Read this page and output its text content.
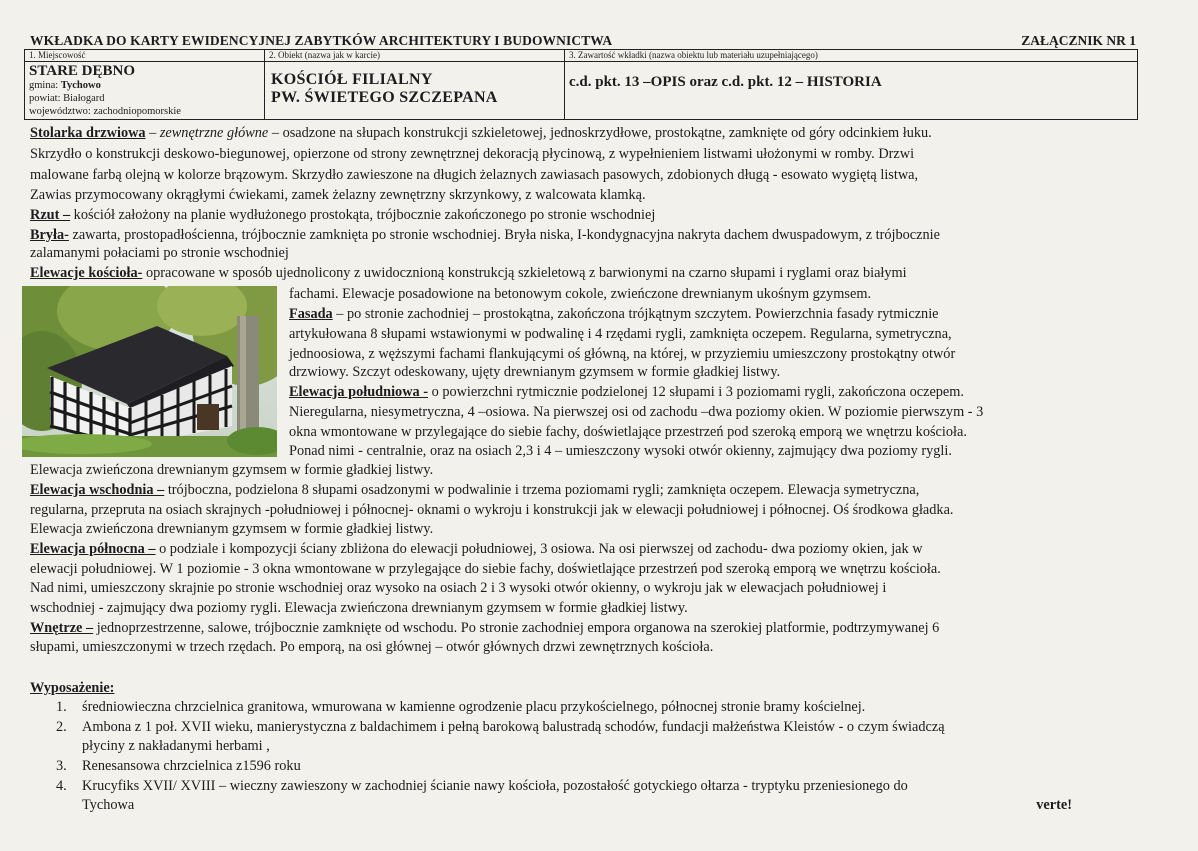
WKŁADKA DO KARTY EWIDENCYJNEJ ZABYTKÓW ARCHITEKTURY I BUDOWNICTWA	ZAŁĄCZNIK NR 1
1. Miejscowość
STARE DĘBNO
gmina: Tychowo
powiat: Białogard
województwo: zachodniopomorskie
2. Obiekt (nazwa jak w karcie)
KOŚCIÓŁ FILIALNY
PW. ŚWIETEGO SZCZEPANA
3. Zawartość wkładki (nazwa obiektu lub materiału uzupełniającego)
c.d. pkt. 13 –OPIS oraz c.d. pkt. 12 – HISTORIA
Stolarka drzwiowa – zewnętrzne główne – osadzone na słupach konstrukcji szkieletowej, jednoskrzydłowe, prostokątne, zamknięte od góry odcinkiem łuku.
Skrzydło o konstrukcji deskowo-biegunowej, opierzone od strony zewnętrznej dekoracją płycinową, z wypełnieniem listwami ułożonymi w romby. Drzwi
malowane farbą olejną w kolorze brązowym. Skrzydło zawieszone na długich żelaznych zawiasach pasowych, zdobionych długą - esowato wygiętą listwa,
Zawias przymocowany okrągłymi ćwiekami, zamek żelazny zewnętrzny skrzynkowy, z walcowata klamką.
Rzut – kościół założony na planie wydłużonego prostokąta, trójbocznie zakończonego po stronie wschodniej
Bryła- zawarta, prostopadłościenna, trójbocznie zamknięta po stronie wschodniej. Bryła niska, I-kondygnacyjna nakryta dachem dwuspadowym, z trójbocznie
zalamanymi połaciami po stronie wschodniej
Elewacje kościoła- opracowane w sposób ujednolicony z uwidocznioną konstrukcją szkieletową z barwionymi na czarno słupami i ryglami oraz białymi
fachami. Elewacje posadowione na betonowym cokole, zwieńczone drewnianym ukośnym gzymsem.
Fasada – po stronie zachodniej – prostokątna, zakończona trójkątnym szczytem. Powierzchnia fasady rytmicznie
artykułowana 8 słupami wstawionymi w podwalinę i 4 rzędami rygli, zamknięta oczepem. Regularna, symetryczna,
jednoosiowa, z węższymi fachami flankującymi oś główną, na której, w przyziemiu umieszczony prostokątny otwór
drzwiowy. Szczyt odeskowany, ujęty drewnianym gzymsem w formie gładkiej listwy.
Elewacja południowa - o powierzchni rytmicznie podzielonej 12 słupami i 3 poziomami rygli, zakończona oczepem.
Nieregularna, niesymetryczna, 4 –osiowa. Na pierwszej osi od zachodu –dwa poziomy okien. W poziomie pierwszym - 3
okna wmontowane w przylegające do siebie fachy, doświetlające przestrzeń pod szeroką emporą we wnętrzu kościoła.
Ponad nimi - centralnie, oraz na osiach 2,3 i 4 – umieszczony wysoki otwór okienny, zajmujący dwa poziomy rygli.
Elewacja zwieńczona drewnianym gzymsem w formie gładkiej listwy.
Elewacja wschodnia – trójboczna, podzielona 8 słupami osadzonymi w podwalinie i trzema poziomami rygli; zamknięta oczepem. Elewacja symetryczna,
regularna, przepruta na osiach skrajnych -południowej i północnej- oknami o wykroju i konstrukcji jak w elewacji południowej i północnej. Oś środkowa gładka.
Elewacja zwieńczona drewnianym gzymsem w formie gładkiej listwy.
Elewacja północna – o podziale i kompozycji ściany zbliżona do elewacji południowej, 3 osiowa. Na osi pierwszej od zachodu- dwa poziomy okien, jak w
elewacji południowej. W 1 poziomie - 3 okna wmontowane w przylegające do siebie fachy, doświetlające przestrzeń pod szeroką emporą we wnętrzu kościoła.
Nad nimi, umieszczony skrajnie po stronie wschodniej oraz wysoko na osiach 2 i 3 wysoki otwór okienny, o wykroju jak w elewacjach południowej i
wschodniej - zajmujący dwa poziomy rygli. Elewacja zwieńczona drewnianym gzymsem w formie gładkiej listwy.
Wnętrze – jednoprzestrzenne, salowe, trójbocznie zamknięte od wschodu. Po stronie zachodniej empora organowa na szerokiej platformie, podtrzymywanej 6
słupami, umieszczonymi w trzech rzędach. Po emporą, na osi głównej – otwór głównych drzwi zewnętrznych kościoła.
Wyposażenie:
1. średniowieczna chrzcielnica granitowa, wmurowana w kamienne ogrodzenie placu przykościelnego, północnej stronie bramy kościelnej.
2. Ambona z 1 poł. XVII wieku, manierystyczna z baldachimem i pełną barokową balustradą schodów, fundacji małżeństwa Kleistów - o czym świadczą
płyciny z nakładanymi herbami ,
3. Renesansowa chrzcielnica z1596 roku
4. Krucyfiks XVII/ XVIII – wieczny zawieszony w zachodniej ścianie nawy kościoła, pozostałość gotyckiego ołtarza - tryptyku przeniesionego do
Tychowa	verte!
